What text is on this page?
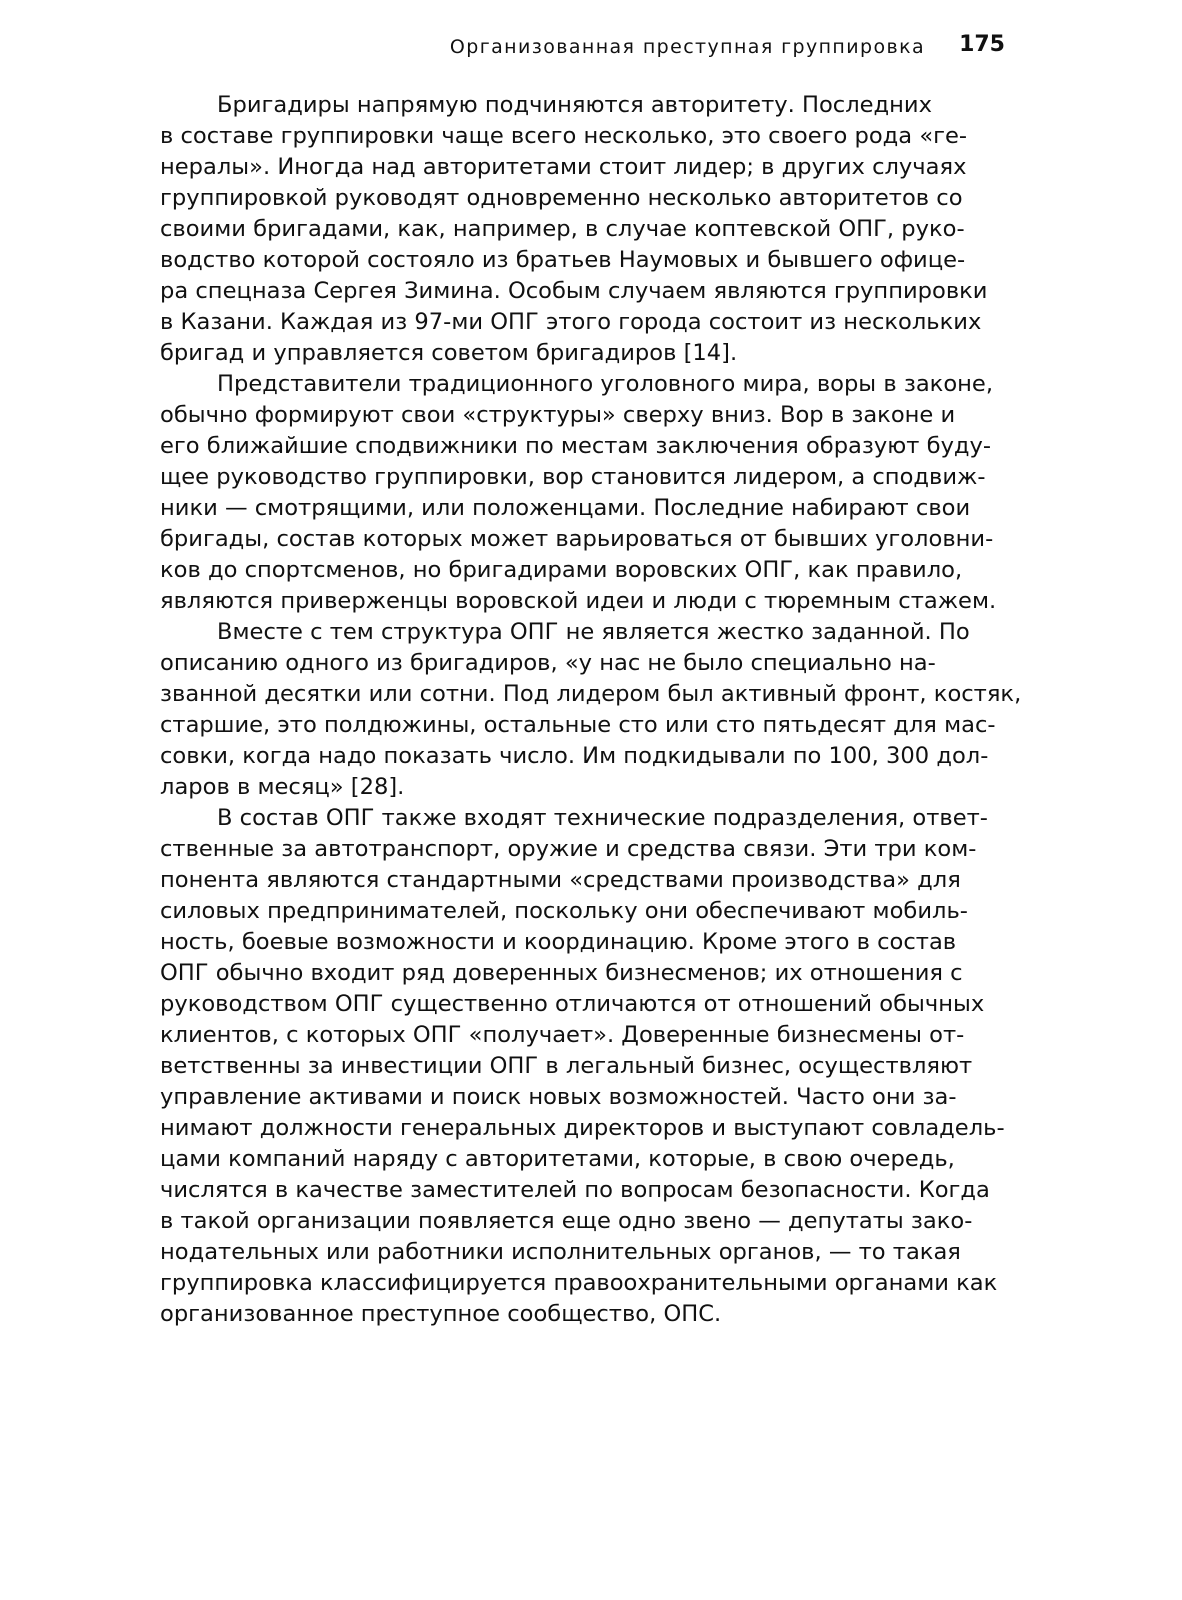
Организованная преступная группировка 175

Бригадиры напрямую подчиняются авторитету. Последних
в составе группировки чаще всего несколько, это своего рода «ге-
нералы». Иногда над авторитетами стоит лидер; в других случаях
группировкой руководят одновременно несколько авторитетов со
своими бригадами, как, например, в случае коптевской ОПГ, руко-
водство которой состояло из братьев Наумовых и бывшего офице-
ра спецназа Сергея Зимина. Особым случаем являются группировки
в Казани. Каждая из 97-ми ОПГ этого города состоит из нескольких
бригад и управляется советом бригадиров [14].

Представители традиционного уголовного мира, воры в законе,
обычно формируют свои «структуры» сверху вниз. Вор в законе и
его ближайшие сподвижники по местам заключения образуют буду-
щее руководство группировки, вор становится лидером, а сподвиж-
ники — смотрящими, или положенцами. Последние набирают свои
бригады, состав которых может варьироваться от бывших уголовни-
ков до спортсменов, но бригадирами воровских ОПГ, как правило,
являются приверженцы воровской идеи и люди с тюремным стажем.

Вместе с тем структура ОПГ не является жестко заданной. По
описанию одного из бригадиров, «у нас не было специально на-
званной десятки или сотни. Под лидером был активный фронт, костяк,
старшие, это полдюжины, остальные сто или сто пятьдесят для мас-
совки, когда надо показать число. Им подкидывали по 100, 300 дол-
ларов в месяц» [28].

В состав ОПГ также входят технические подразделения, ответ-
ственные за автотранспорт, оружие и средства связи. Эти три ком-
понента являются стандартными «средствами производства» для
силовых предпринимателей, поскольку они обеспечивают мобиль-
ность, боевые возможности и координацию. Кроме этого в состав
ОПГ обычно входит ряд доверенных бизнесменов; их отношения с
руководством ОПГ существенно отличаются от отношений обычных
клиентов, с которых ОПГ «получает». Доверенные бизнесмены от-
ветственны за инвестиции ОПГ в легальный бизнес, осуществляют
управление активами и поиск новых возможностей. Часто они за-
нимают должности генеральных директоров и выступают совладель-
цами компаний наряду с авторитетами, которые, в свою очередь,
числятся в качестве заместителей по вопросам безопасности. Когда
в такой организации появляется еще одно звено — депутаты зако-
нодательных или работники исполнительных органов, — то такая
группировка классифицируется правоохранительными органами как
организованное преступное сообщество, ОПС.
